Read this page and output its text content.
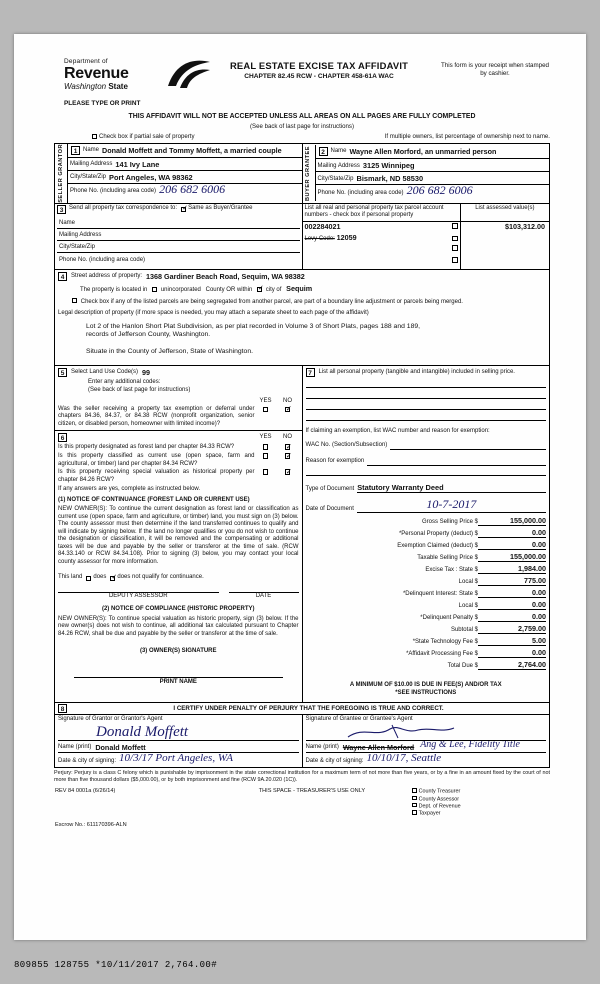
Department of
Revenue
Washington State
PLEASE TYPE OR PRINT
REAL ESTATE EXCISE TAX AFFIDAVIT
CHAPTER 82.45 RCW - CHAPTER 458-61A WAC
This form is your receipt when stamped by cashier.
THIS AFFIDAVIT WILL NOT BE ACCEPTED UNLESS ALL AREAS ON ALL PAGES ARE FULLY COMPLETED
(See back of last page for instructions)
Check box if partial sale of property	If multiple owners, list percentage of ownership next to name.
SELLER GRANTOR	1 Name Donald Moffett and Tommy Moffett, a married couple
Mailing Address 141 Ivy Lane
City/State/Zip Port Angeles, WA 98362
Phone No. (including area code) 206 682 6006	BUYER GRANTEE	2 Name Wayne Allen Morford, an unmarried person
Mailing Address 3125 Winnipeg
City/State/Zip Bismark, ND 58530
Phone No. (including area code) 206 682 6006
3 Send all property tax correspondence to: ✓ Same as Buyer/Grantee
Name
Mailing Address
City/State/Zip
Phone No. (including area code)

List all real and personal property tax parcel account numbers - check box if personal property	List assessed value(s)

002284021	$103,312.00

Levy Code: 12059

4	Street address of property: 1368 Gardiner Beach Road, Sequim, WA 98382
The property is located in unincorporated County OR within ✓ city of Sequim
Check box if any of the listed parcels are being segregated from another parcel, are part of a boundary line adjustment or parcels being merged.
Legal description of property (if more space is needed, you may attach a separate sheet to each page of the affidavit)
Lot 2 of the Hanlon Short Plat Subdivision, as per plat recorded in Volume 3 of Short Plats, pages 188 and 189,
records of Jefferson County, Washington.
Situate in the County of Jefferson, State of Washington.
5	Select Land Use Code(s) 99
Enter any additional codes:
(See back of last page for instructions)
YES	NO
Was the seller receiving a property tax exemption or deferral under chapters 84.36, 84.37, or 84.38 RCW (nonprofit organization, senior citizen, or disabled person, homeowner with limited income)?
✓
6	YES	NO
Is this property designated as forest land per chapter 84.33 RCW?
✓
Is this property classified as current use (open space, farm and agricultural, or timber) land per chapter 84.34 RCW?
✓
Is this property receiving special valuation as historical property per chapter 84.26 RCW?
✓
If any answers are yes, complete as instructed below.
(1) NOTICE OF CONTINUANCE (FOREST LAND OR CURRENT USE)
NEW OWNER(S): To continue the current designation as forest land or classification as current use (open space, farm and agriculture, or timber) land, you must sign on (3) below. The county assessor must then determine if the land transferred continues to qualify and will indicate by signing below. If the land no longer qualifies or you do not wish to continue the designation or classification, it will be removed and the compensating or additional taxes will be due and payable by the seller or transferor at the time of sale. (RCW 84.33.140 or RCW 84.34.108). Prior to signing (3) below, you may contact your local county assessor for more information.
This land does ✓ does not qualify for continuance.
DEPUTY ASSESSOR	DATE
(2) NOTICE OF COMPLIANCE (HISTORIC PROPERTY)
NEW OWNER(S): To continue special valuation as historic property, sign (3) below. If the new owner(s) does not wish to continue, all additional tax calculated pursuant to Chapter 84.26 RCW, shall be due and payable by the seller or transferor at the time of sale.
(3) OWNER(S) SIGNATURE
PRINT NAME

7	List all personal property (tangible and intangible) included in selling price.
If claiming an exemption, list WAC number and reason for exemption:
WAC No. (Section/Subsection)
Reason for exemption
Type of Document Statutory Warranty Deed
Date of Document	10-7-2017
Gross Selling Price $	155,000.00
*Personal Property (deduct) $	0.00
Exemption Claimed (deduct) $	0.00
Taxable Selling Price $	155,000.00
Excise Tax : State $	1,984.00
Local $	775.00
*Delinquent Interest: State $	0.00
Local $	0.00
*Delinquent Penalty $	0.00
Subtotal $	2,759.00
*State Technology Fee $	5.00
*Affidavit Processing Fee $	0.00
Total Due $	2,764.00
A MINIMUM OF $10.00 IS DUE IN FEE(S) AND/OR TAX
*SEE INSTRUCTIONS
8	I CERTIFY UNDER PENALTY OF PERJURY THAT THE FOREGOING IS TRUE AND CORRECT.
Signature of Grantor or Grantor's Agent
Donald Moffett
Name (print) Donald Moffett
Date & city of signing: 10/3/17 Port Angeles, WA

Signature of Grantee or Grantee's Agent
Name (print) Wayne Allen Morford Ang & Lee, Fidelity Title
Date & city of signing: 10/10/17, Seattle
Perjury: Perjury is a class C felony which is punishable by imprisonment in the state correctional institution for a maximum term of not more than five years, or by a fine in an amount fixed by the court of not more than five thousand dollars ($5,000.00), or by both imprisonment and fine (RCW 9A.20.020 (1C)).
REV 84 0001a (6/26/14)	THIS SPACE - TREASURER'S USE ONLY	County Treasurer
County Assessor
Dept. of Revenue
Taxpayer

Escrow No.: 611170396-ALN		
809855 128755 *10/11/2017 2,764.00#
